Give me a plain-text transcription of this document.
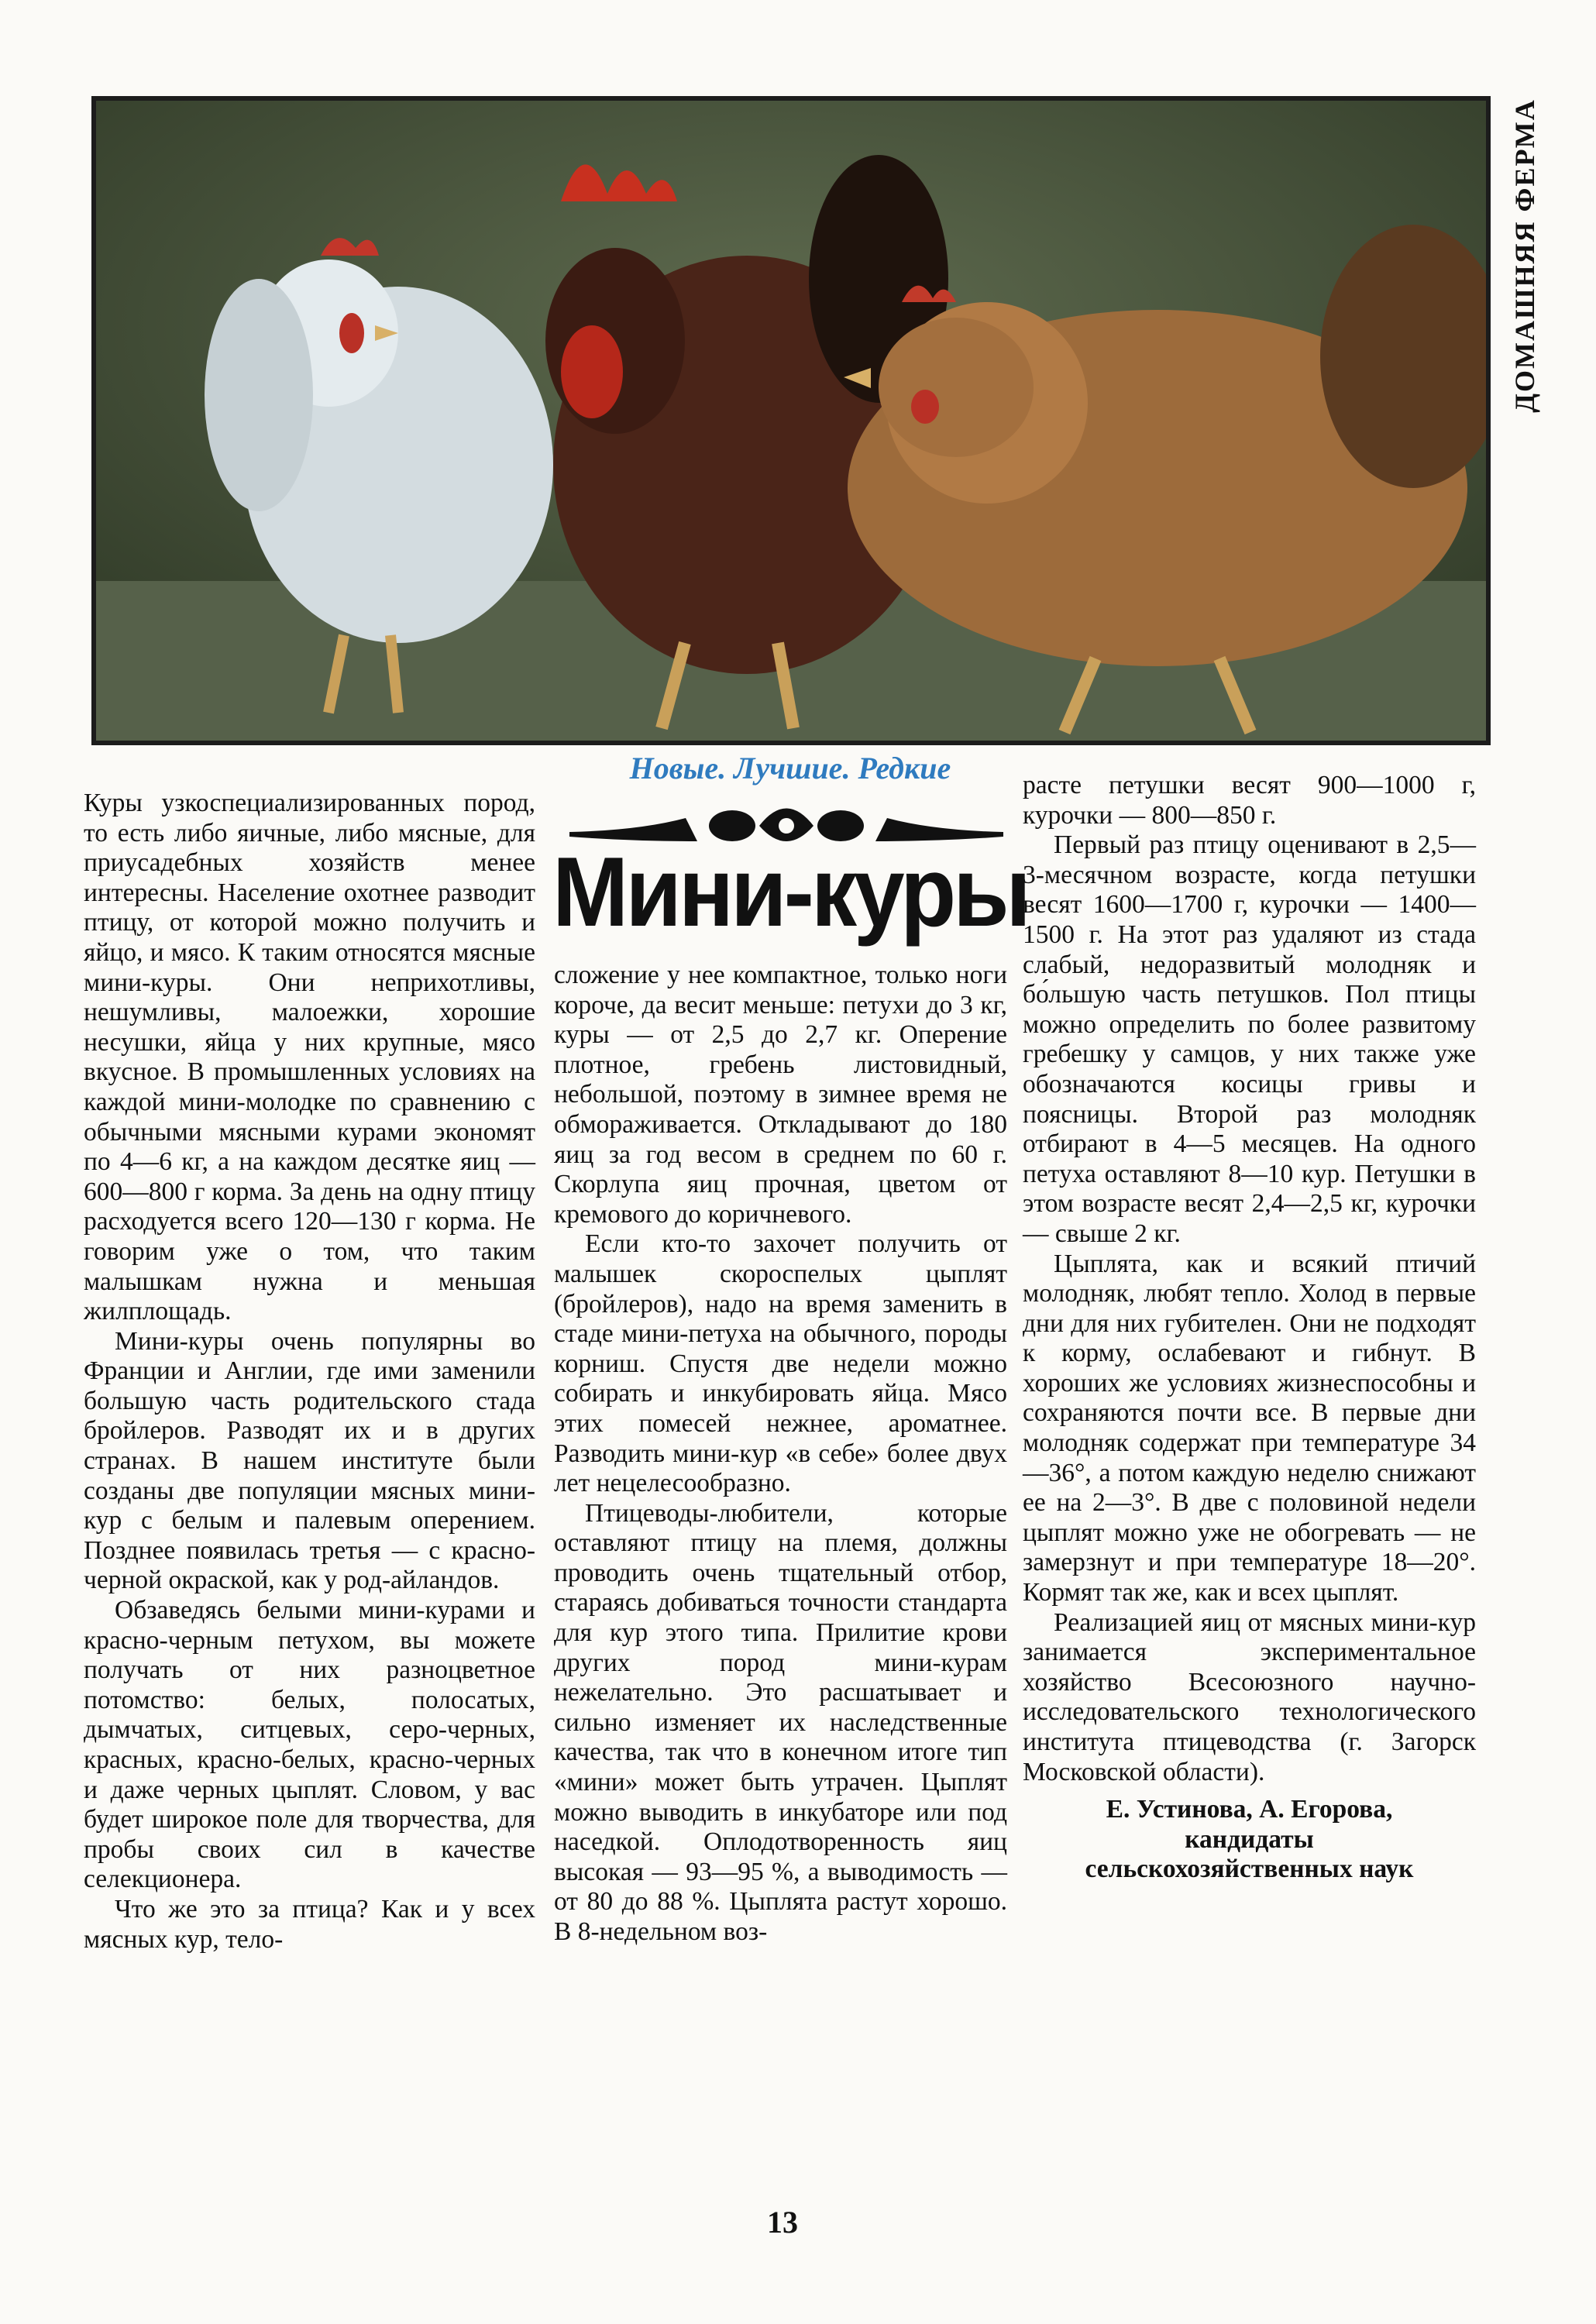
ДОМАШНЯЯ ФЕРМА
Новые. Лучшие. Редкие
Мини-куры

Куры узкоспециализированных пород, то есть либо яичные, либо мясные, для приусадебных хозяйств менее интересны. Население охотнее разводит птицу, от которой можно получить и яйцо, и мясо. К таким относятся мясные мини-куры. Они неприхотливы, нешумливы, малоежки, хорошие несушки, яйца у них крупные, мясо вкусное. В промышленных условиях на каждой мини-молодке по сравнению с обычными мясными курами экономят по 4—6 кг, а на каждом десятке яиц — 600—800 г корма. За день на одну птицу расходуется всего 120—130 г корма. Не говорим уже о том, что таким малышкам нужна и меньшая жилплощадь.

Мини-куры очень популярны во Франции и Англии, где ими заменили большую часть родительского стада бройлеров. Разводят их и в других странах. В нашем институте были созданы две популяции мясных мини-кур с белым и палевым оперением. Позднее появилась третья — с красно-черной окраской, как у род-айландов.

Обзаведясь белыми мини-курами и красно-черным петухом, вы можете получать от них разноцветное потомство: белых, полосатых, дымчатых, ситцевых, серо-черных, красных, красно-белых, красно-черных и даже черных цыплят. Словом, у вас будет широкое поле для творчества, для пробы своих сил в качестве селекционера.

Что же это за птица? Как и у всех мясных кур, тело-

сложение у нее компактное, только ноги короче, да весит меньше: петухи до 3 кг, куры — от 2,5 до 2,7 кг. Оперение плотное, гребень листовидный, небольшой, поэтому в зимнее время не обмораживается. Откладывают до 180 яиц за год весом в среднем по 60 г. Скорлупа яиц прочная, цветом от кремового до коричневого.

Если кто-то захочет получить от малышек скороспелых цыплят (бройлеров), надо на время заменить в стаде мини-петуха на обычного, породы корниш. Спустя две недели можно собирать и инкубировать яйца. Мясо этих помесей нежнее, ароматнее. Разводить мини-кур «в себе» более двух лет нецелесообразно.

Птицеводы-любители, которые оставляют птицу на племя, должны проводить очень тщательный отбор, стараясь добиваться точности стандарта для кур этого типа. Прилитие крови других пород мини-курам нежелательно. Это расшатывает и сильно изменяет их наследственные качества, так что в конечном итоге тип «мини» может быть утрачен. Цыплят можно выводить в инкубаторе или под наседкой. Оплодотворенность яиц высокая — 93—95 %, а выводимость — от 80 до 88 %. Цыплята растут хорошо. В 8-недельном воз-

расте петушки весят 900—1000 г, курочки — 800—850 г.

Первый раз птицу оценивают в 2,5—3-месячном возрасте, когда петушки весят 1600—1700 г, курочки — 1400—1500 г. На этот раз удаляют из стада слабый, недоразвитый молодняк и бо́льшую часть петушков. Пол птицы можно определить по более развитому гребешку у самцов, у них также уже обозначаются косицы гривы и поясницы. Второй раз молодняк отбирают в 4—5 месяцев. На одного петуха оставляют 8—10 кур. Петушки в этом возрасте весят 2,4—2,5 кг, курочки — свыше 2 кг.

Цыплята, как и всякий птичий молодняк, любят тепло. Холод в первые дни для них губителен. Они не подходят к корму, ослабевают и гибнут. В хороших же условиях жизнеспособны и сохраняются почти все. В первые дни молодняк содержат при температуре 34—36°, а потом каждую неделю снижают ее на 2—3°. В две с половиной недели цыплят можно уже не обогревать — не замерзнут и при температуре 18—20°. Кормят так же, как и всех цыплят.

Реализацией яиц от мясных мини-кур занимается экспериментальное хозяйство Всесоюзного научно-исследовательского технологического института птицеводства (г. Загорск Московской области).

Е. Устинова, А. Егорова,
кандидаты
сельскохозяйственных наук
13
